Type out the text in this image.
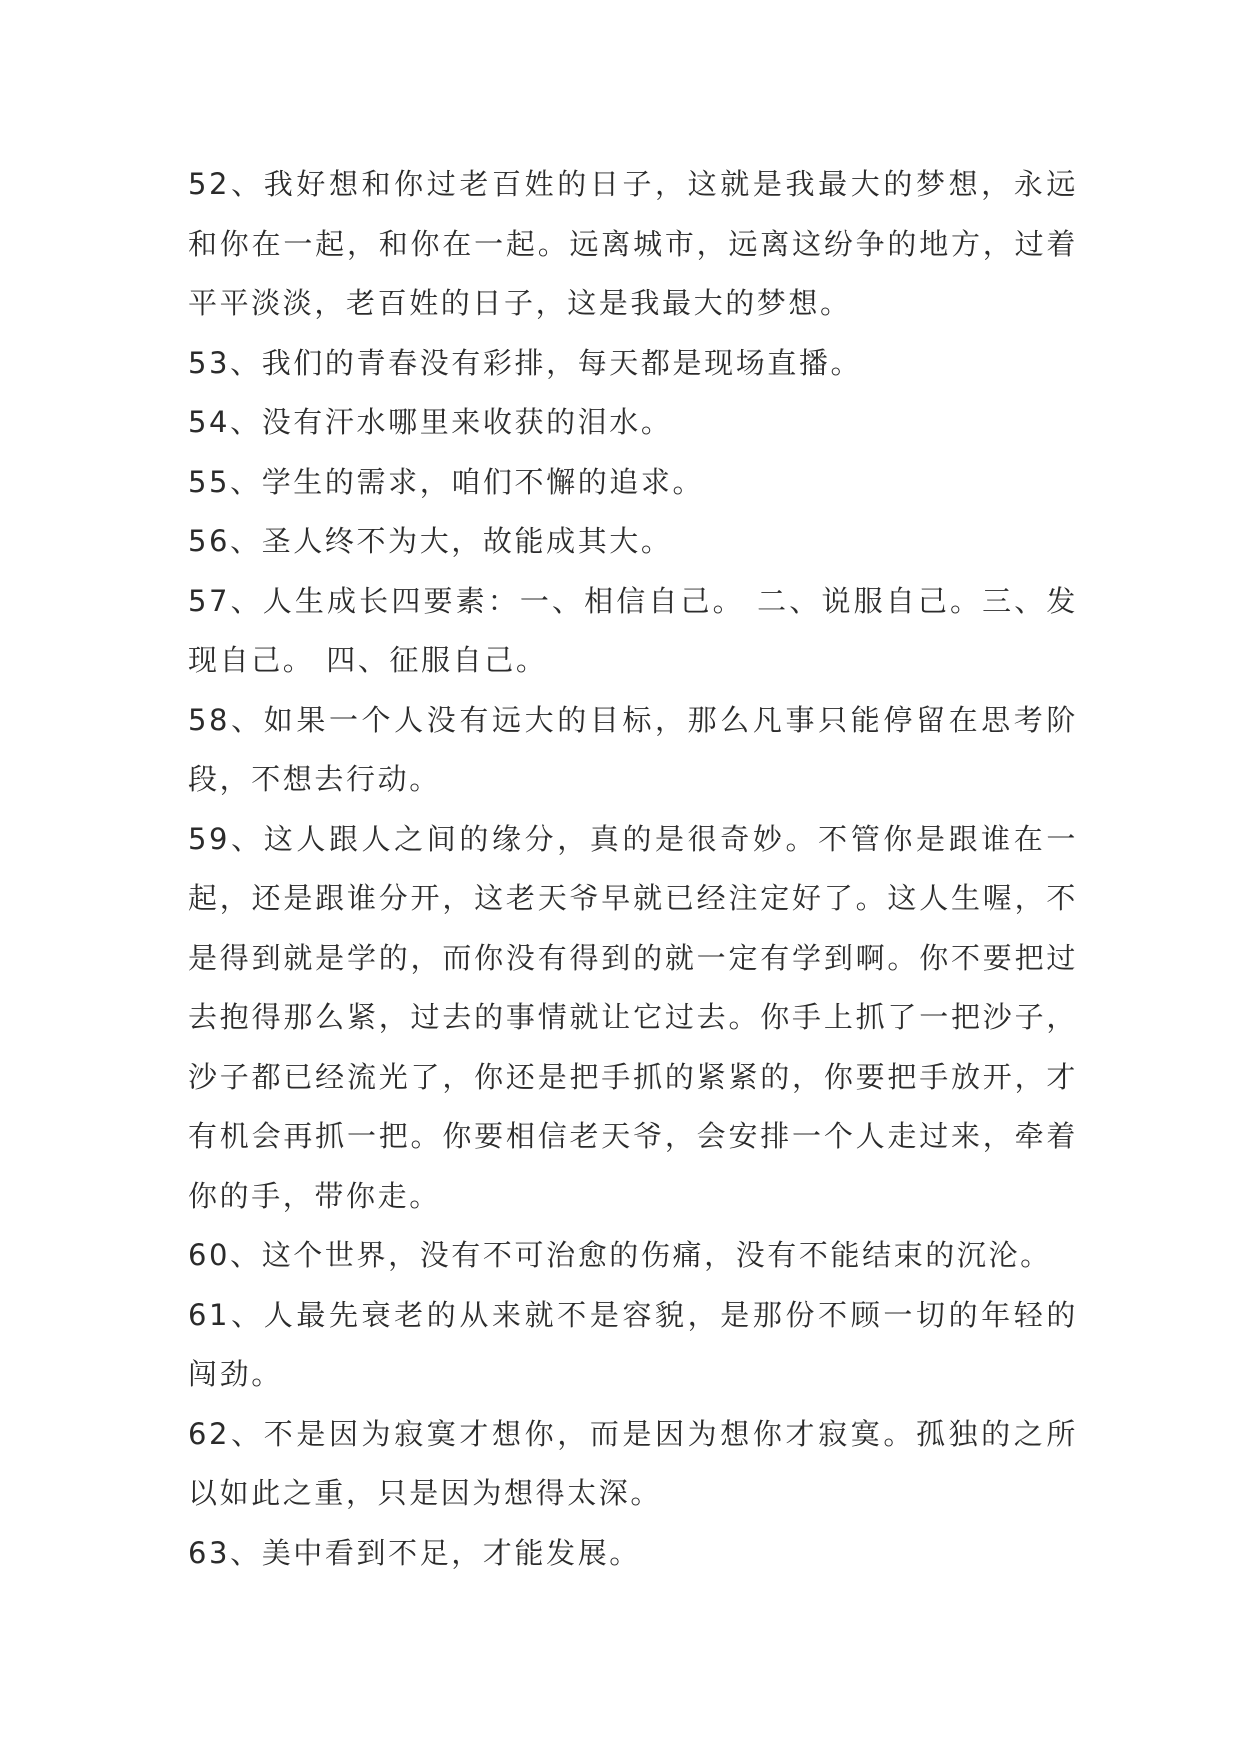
52、我好想和你过老百姓的日子，这就是我最大的梦想，永远和你在一起，和你在一起。远离城市，远离这纷争的地方，过着平平淡淡，老百姓的日子，这是我最大的梦想。

53、我们的青春没有彩排，每天都是现场直播。

54、没有汗水哪里来收获的泪水。

55、学生的需求，咱们不懈的追求。

56、圣人终不为大，故能成其大。

57、人生成长四要素：一、相信自己。 二、说服自己。三、发现自己。 四、征服自己。

58、如果一个人没有远大的目标，那么凡事只能停留在思考阶段，不想去行动。

59、这人跟人之间的缘分，真的是很奇妙。不管你是跟谁在一起，还是跟谁分开，这老天爷早就已经注定好了。这人生喔，不是得到就是学的，而你没有得到的就一定有学到啊。你不要把过去抱得那么紧，过去的事情就让它过去。你手上抓了一把沙子，沙子都已经流光了，你还是把手抓的紧紧的，你要把手放开，才有机会再抓一把。你要相信老天爷，会安排一个人走过来，牵着你的手，带你走。

60、这个世界，没有不可治愈的伤痛，没有不能结束的沉沦。

61、人最先衰老的从来就不是容貌，是那份不顾一切的年轻的闯劲。

62、不是因为寂寞才想你，而是因为想你才寂寞。孤独的之所以如此之重，只是因为想得太深。

63、美中看到不足，才能发展。
